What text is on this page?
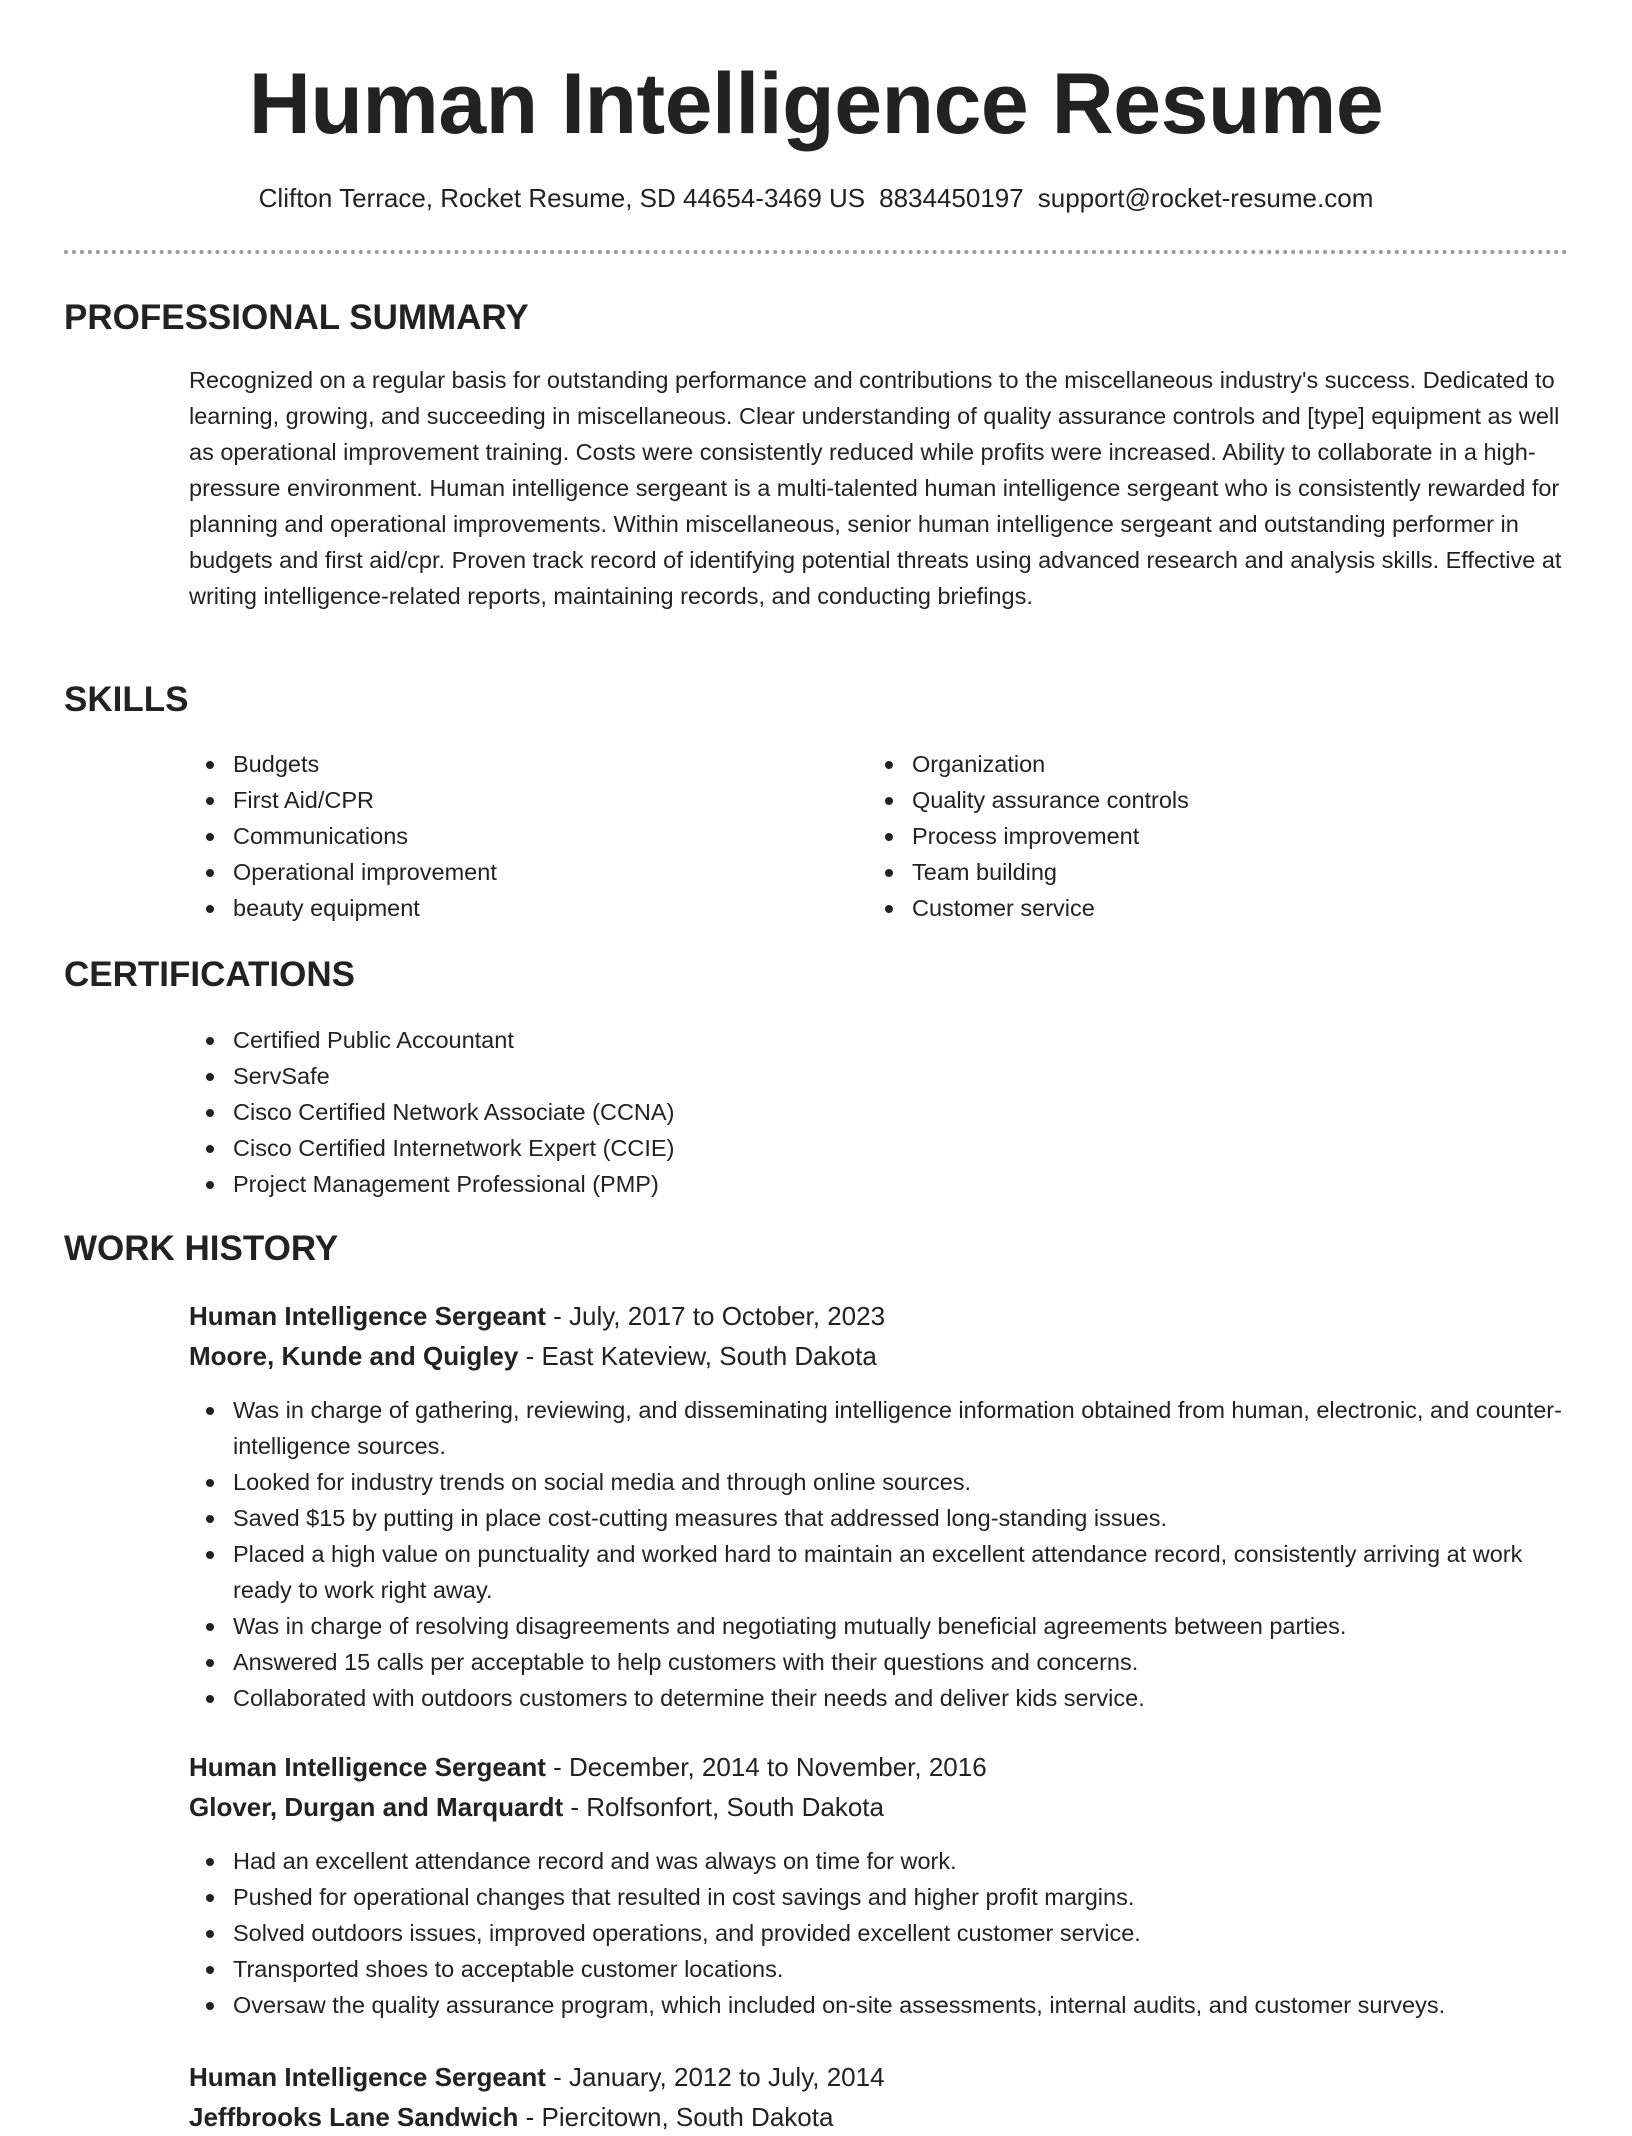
Human Intelligence Resume
Clifton Terrace, Rocket Resume, SD 44654-3469 US 8834450197 support@rocket-resume.com
PROFESSIONAL SUMMARY

Recognized on a regular basis for outstanding performance and contributions to the miscellaneous industry's success. Dedicated to learning, growing, and succeeding in miscellaneous. Clear understanding of quality assurance controls and [type] equipment as well as operational improvement training. Costs were consistently reduced while profits were increased. Ability to collaborate in a high-pressure environment. Human intelligence sergeant is a multi-talented human intelligence sergeant who is consistently rewarded for planning and operational improvements. Within miscellaneous, senior human intelligence sergeant and outstanding performer in budgets and first aid/cpr. Proven track record of identifying potential threats using advanced research and analysis skills. Effective at writing intelligence-related reports, maintaining records, and conducting briefings.

SKILLS
Budgets
First Aid/CPR
Communications
Operational improvement
beauty equipment
Organization
Quality assurance controls
Process improvement
Team building
Customer service
CERTIFICATIONS
Certified Public Accountant
ServSafe
Cisco Certified Network Associate (CCNA)
Cisco Certified Internetwork Expert (CCIE)
Project Management Professional (PMP)
WORK HISTORY
Human Intelligence Sergeant - July, 2017 to October, 2023
Moore, Kunde and Quigley - East Kateview, South Dakota
Was in charge of gathering, reviewing, and disseminating intelligence information obtained from human, electronic, and counter-intelligence sources.
Looked for industry trends on social media and through online sources.
Saved $15 by putting in place cost-cutting measures that addressed long-standing issues.
Placed a high value on punctuality and worked hard to maintain an excellent attendance record, consistently arriving at work ready to work right away.
Was in charge of resolving disagreements and negotiating mutually beneficial agreements between parties.
Answered 15 calls per acceptable to help customers with their questions and concerns.
Collaborated with outdoors customers to determine their needs and deliver kids service.
Human Intelligence Sergeant - December, 2014 to November, 2016
Glover, Durgan and Marquardt - Rolfsonfort, South Dakota
Had an excellent attendance record and was always on time for work.
Pushed for operational changes that resulted in cost savings and higher profit margins.
Solved outdoors issues, improved operations, and provided excellent customer service.
Transported shoes to acceptable customer locations.
Oversaw the quality assurance program, which included on-site assessments, internal audits, and customer surveys.
Human Intelligence Sergeant - January, 2012 to July, 2014
Jeffbrooks Lane Sandwich - Piercitown, South Dakota
